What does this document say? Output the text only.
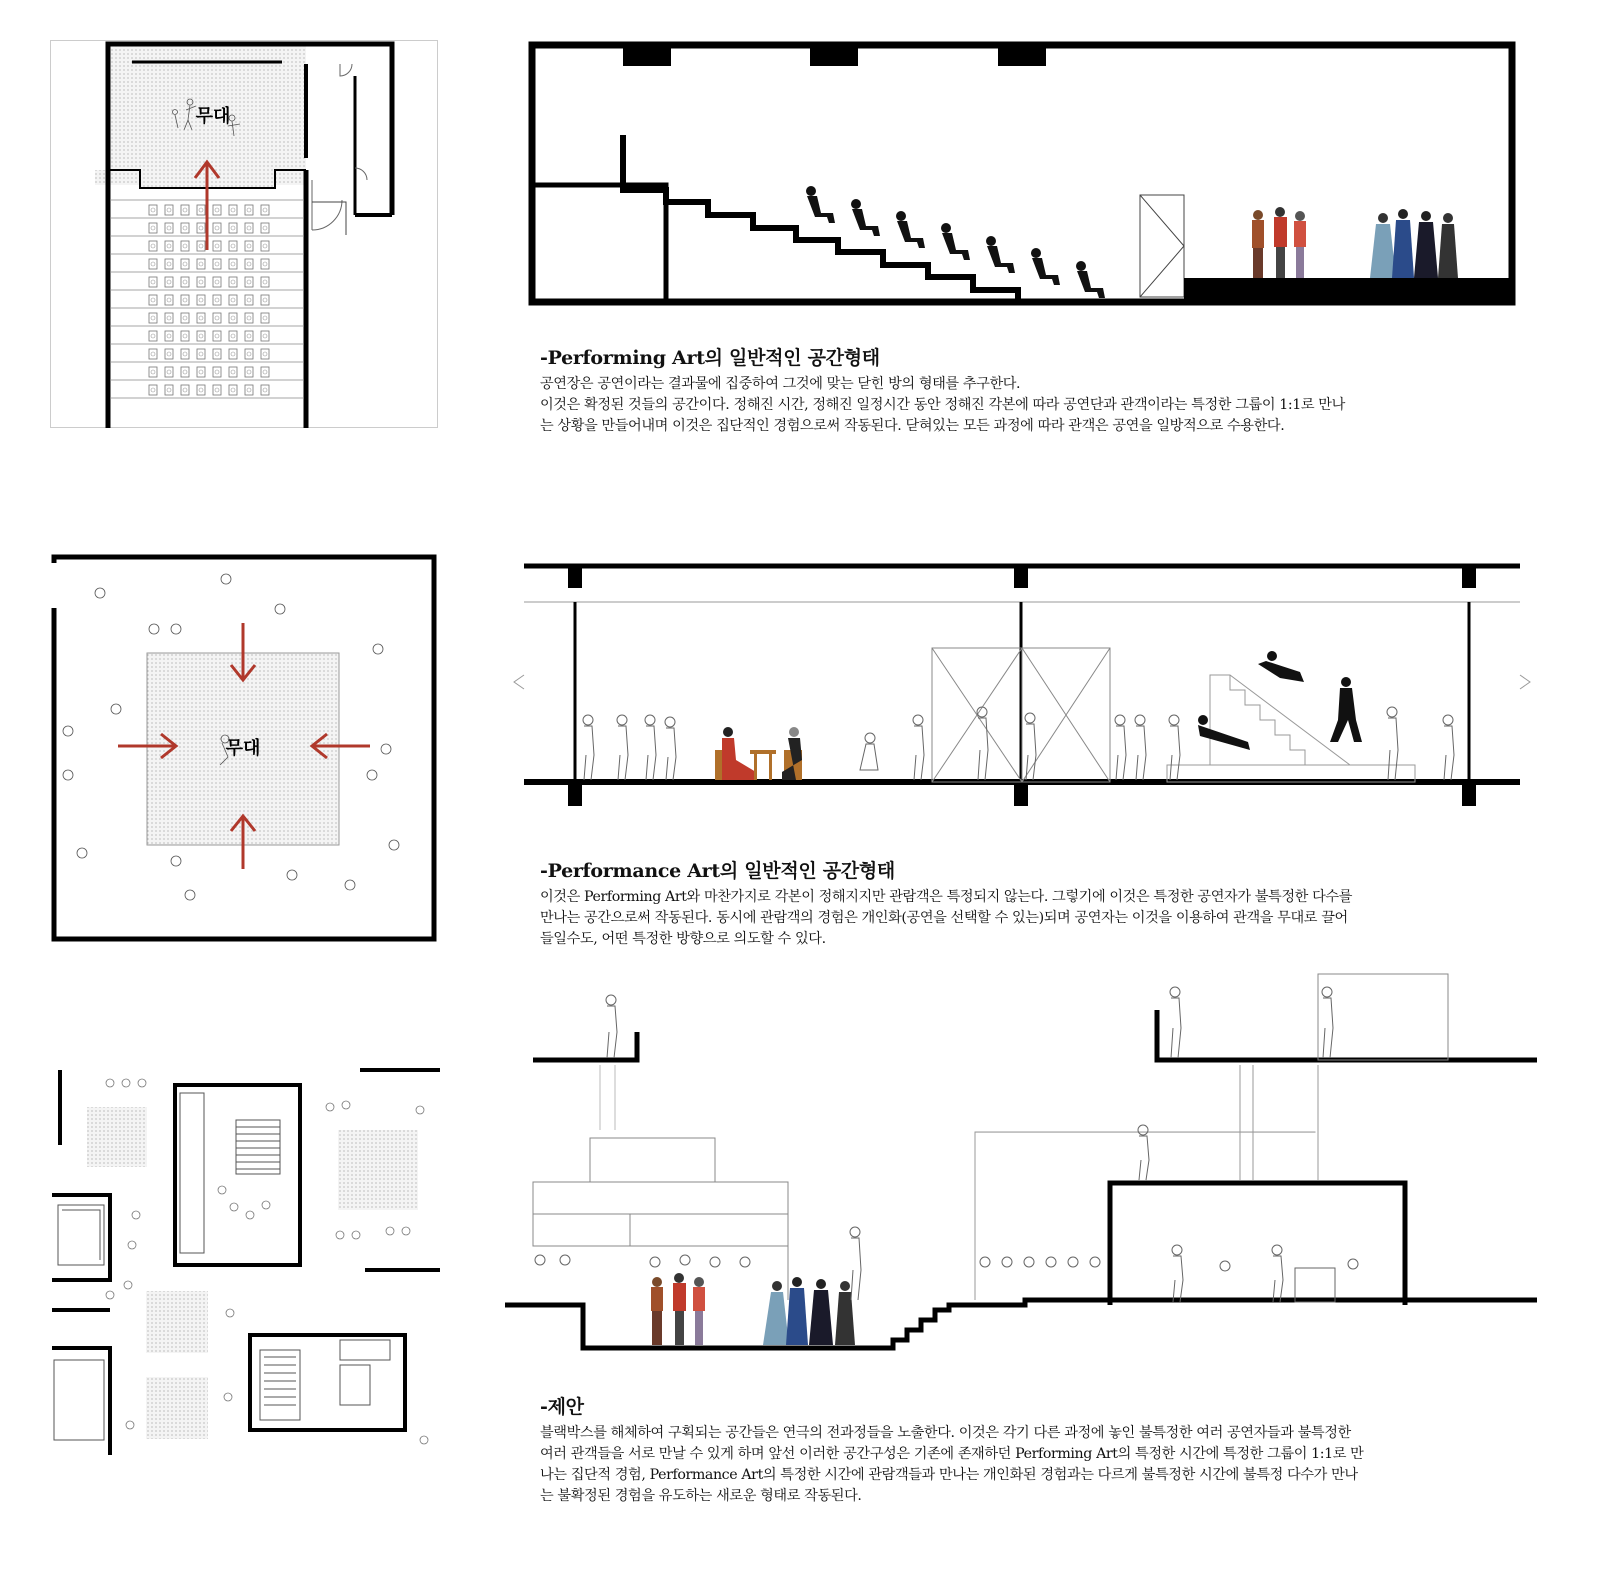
무대
-Performing Art의 일반적인 공간형태

공연장은 공연이라는 결과물에 집중하여 그것에 맞는 닫힌 방의 형태를 추구한다.

이것은 확정된 것들의 공간이다. 정해진 시간, 정해진 일정시간 동안 정해진 각본에 따라 공연단과 관객이라는 특정한 그룹이 1:1로 만나

는 상황을 만들어내며 이것은 집단적인 경험으로써 작동된다. 닫혀있는 모든 과정에 따라 관객은 공연을 일방적으로 수용한다.

무대
-Performance Art의 일반적인 공간형태

이것은 Performing Art와 마찬가지로 각본이 정해지지만 관람객은 특정되지 않는다. 그렇기에 이것은 특정한 공연자가 불특정한 다수를

만나는 공간으로써 작동된다. 동시에 관람객의 경험은 개인화(공연을 선택할 수 있는)되며 공연자는 이것을 이용하여 관객을 무대로 끌어

들일수도, 어떤 특정한 방향으로 의도할 수 있다.

-제안

블랙박스를 해체하여 구획되는 공간들은 연극의 전과정들을 노출한다. 이것은 각기 다른 과정에 놓인 불특정한 여러 공연자들과 불특정한

여러 관객들을 서로 만날 수 있게 하며 앞선 이러한 공간구성은 기존에 존재하던 Performing Art의 특정한 시간에 특정한 그룹이 1:1로 만

나는 집단적 경험, Performance Art의 특정한 시간에 관람객들과 만나는 개인화된 경험과는 다르게 불특정한 시간에 불특정 다수가 만나

는 불확정된 경험을 유도하는 새로운 형태로 작동된다.
